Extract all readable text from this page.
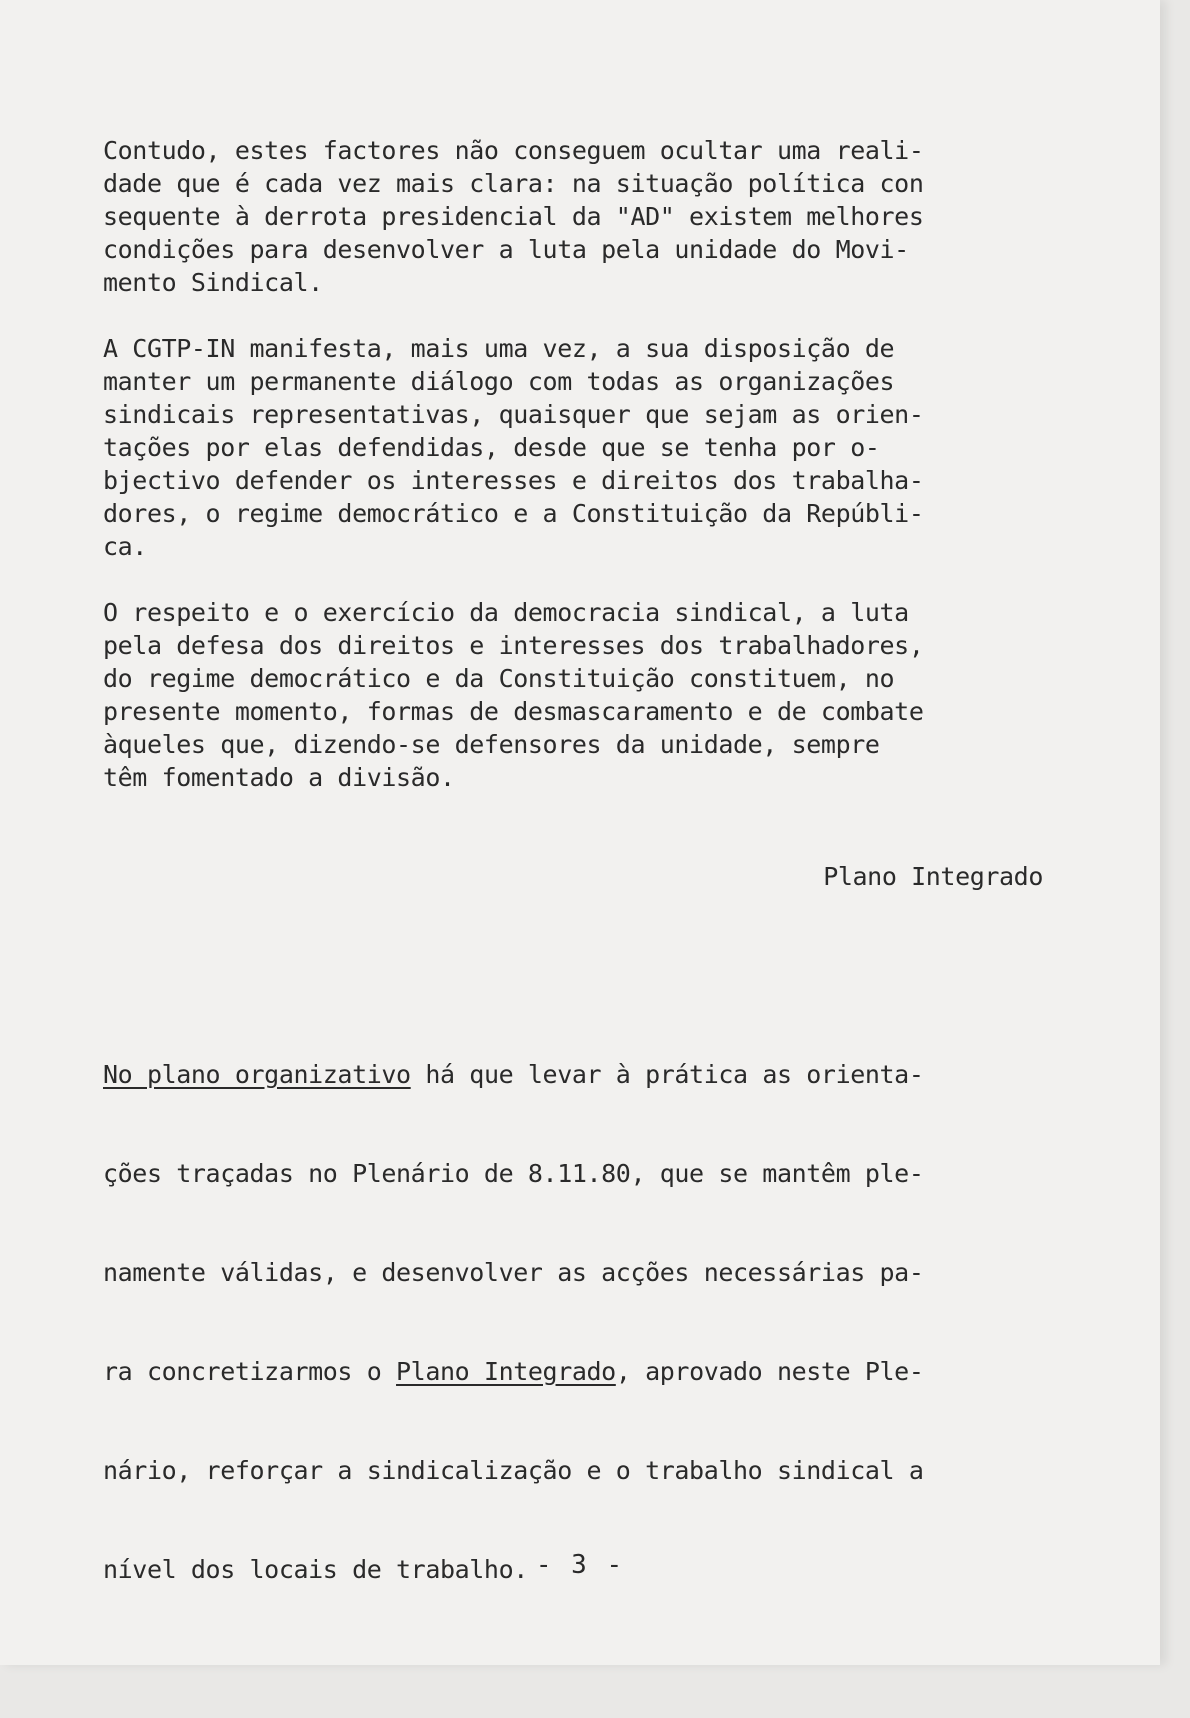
Contudo, estes factores não conseguem ocultar uma reali-
dade que é cada vez mais clara: na situação política con
sequente à derrota presidencial da "AD" existem melhores
condições para desenvolver a luta pela unidade do Movi-
mento Sindical.
A CGTP-IN manifesta, mais uma vez, a sua disposição de
manter um permanente diálogo com todas as organizações
sindicais representativas, quaisquer que sejam as orien-
tações por elas defendidas, desde que se tenha por o-
bjectivo defender os interesses e direitos dos trabalha-
dores, o regime democrático e a Constituição da Repúbli-
ca.
O respeito e o exercício da democracia sindical, a luta
pela defesa dos direitos e interesses dos trabalhadores,
do regime democrático e da Constituição constituem, no
presente momento, formas de desmascaramento e de combate
àqueles que, dizendo-se defensores da unidade, sempre
têm fomentado a divisão.

Plano Integrado

No plano organizativo há que levar à prática as orienta-

ções traçadas no Plenário de 8.11.80, que se mantêm ple-

namente válidas, e desenvolver as acções necessárias pa-

ra concretizarmos o Plano Integrado, aprovado neste Ple-

nário, reforçar a sindicalização e o trabalho sindical a

nível dos locais de trabalho.

- 3 -
